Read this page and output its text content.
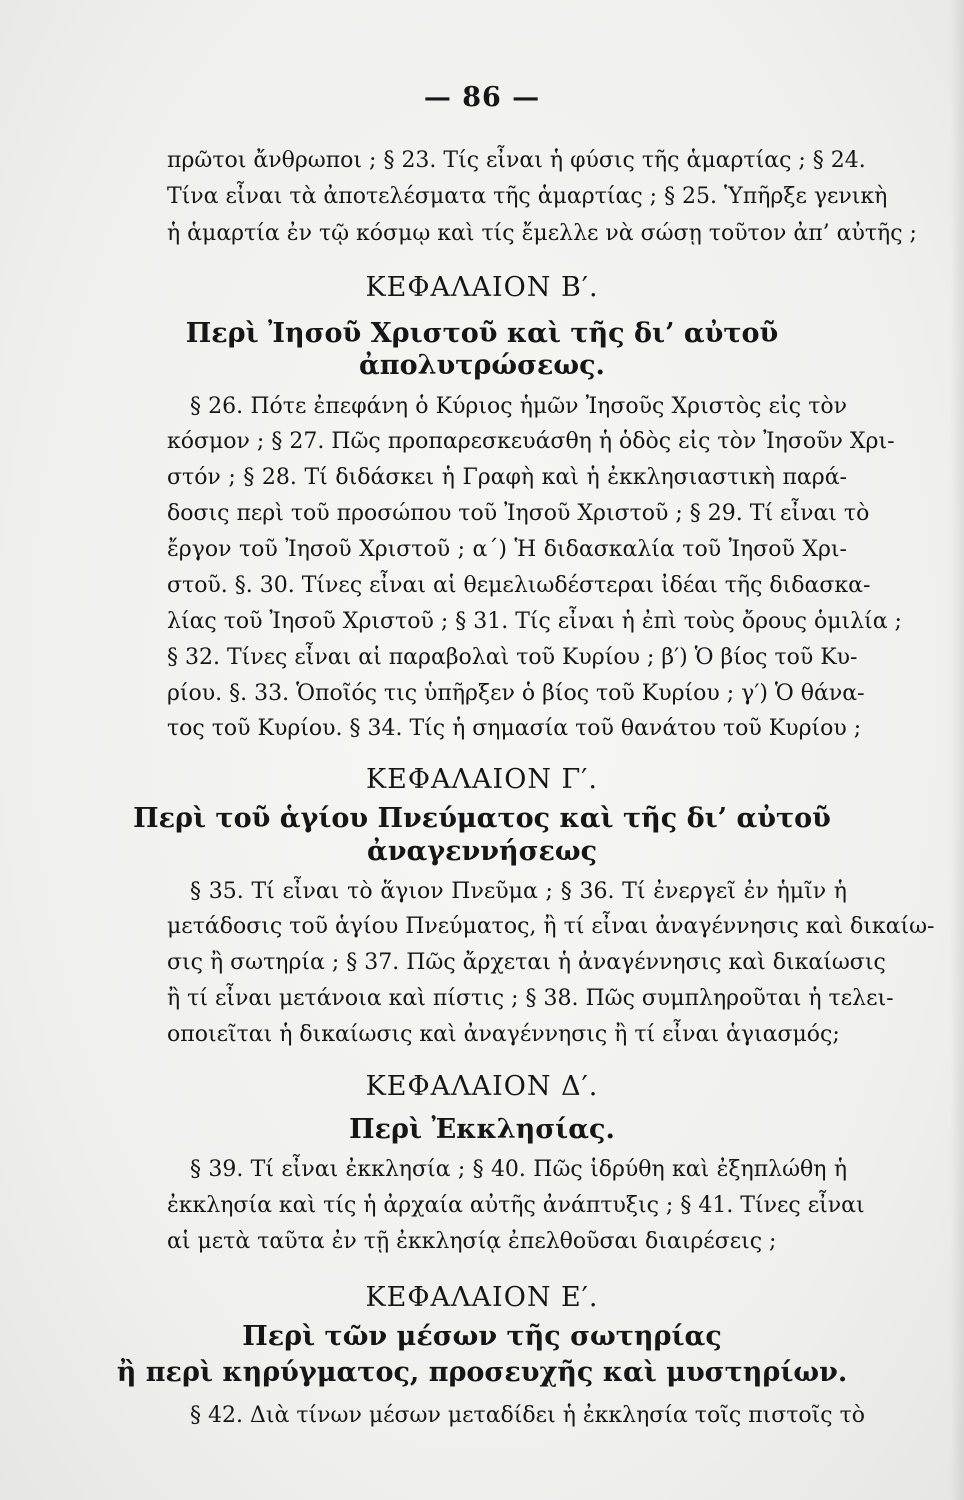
— 86 —
πρῶτοι ἄνθρωποι ; § 23. Τίς εἶναι ἡ φύσις τῆς ἁμαρτίας ; § 24.
Τίνα εἶναι τὰ ἀποτελέσματα τῆς ἁμαρτίας ; § 25. Ὑπῆρξε γενικὴ
ἡ ἁμαρτία ἐν τῷ κόσμῳ καὶ τίς ἔμελλε νὰ σώσῃ τοῦτον ἀπ’ αὐτῆς ;
ΚΕΦΑΛΑΙΟΝ Β′.
Περὶ Ἰησοῦ Χριστοῦ καὶ τῆς δι’ αὐτοῦ
ἀπολυτρώσεως.
§ 26. Πότε ἐπεφάνη ὁ Κύριος ἡμῶν Ἰησοῦς Χριστὸς εἰς τὸν
κόσμον ; § 27. Πῶς προπαρεσκευάσθη ἡ ὁδὸς εἰς τὸν Ἰησοῦν Χρι-
στόν ; § 28. Τί διδάσκει ἡ Γραφὴ καὶ ἡ ἐκκλησιαστικὴ παρά-
δοσις περὶ τοῦ προσώπου τοῦ Ἰησοῦ Χριστοῦ ; § 29. Τί εἶναι τὸ
ἔργον τοῦ Ἰησοῦ Χριστοῦ ; α΄) Ἡ διδασκαλία τοῦ Ἰησοῦ Χρι-
στοῦ. §. 30. Τίνες εἶναι αἱ θεμελιωδέστεραι ἰδέαι τῆς διδασκα-
λίας τοῦ Ἰησοῦ Χριστοῦ ; § 31. Τίς εἶναι ἡ ἐπὶ τοὺς ὄρους ὁμιλία ;
§ 32. Τίνες εἶναι αἱ παραβολαὶ τοῦ Κυρίου ; β′) Ὁ βίος τοῦ Κυ-
ρίου. §. 33. Ὁποῖός τις ὑπῆρξεν ὁ βίος τοῦ Κυρίου ; γ′) Ὁ θάνα-
τος τοῦ Κυρίου. § 34. Τίς ἡ σημασία τοῦ θανάτου τοῦ Κυρίου ;
ΚΕΦΑΛΑΙΟΝ Γ′.
Περὶ τοῦ ἁγίου Πνεύματος καὶ τῆς δι’ αὐτοῦ
ἀναγεννήσεως
§ 35. Τί εἶναι τὸ ἅγιον Πνεῦμα ; § 36. Τί ἐνεργεῖ ἐν ἡμῖν ἡ
μετάδοσις τοῦ ἁγίου Πνεύματος, ἢ τί εἶναι ἀναγέννησις καὶ δικαίω-
σις ἢ σωτηρία ; § 37. Πῶς ἄρχεται ἡ ἀναγέννησις καὶ δικαίωσις
ἢ τί εἶναι μετάνοια καὶ πίστις ; § 38. Πῶς συμπληροῦται ἡ τελει-
οποιεῖται ἡ δικαίωσις καὶ ἀναγέννησις ἢ τί εἶναι ἁγιασμός;
ΚΕΦΑΛΑΙΟΝ Δ′.
Περὶ Ἐκκλησίας.
§ 39. Τί εἶναι ἐκκλησία ; § 40. Πῶς ἱδρύθη καὶ ἐξηπλώθη ἡ
ἐκκλησία καὶ τίς ἡ ἀρχαία αὐτῆς ἀνάπτυξις ; § 41. Τίνες εἶναι
αἱ μετὰ ταῦτα ἐν τῇ ἐκκλησίᾳ ἐπελθοῦσαι διαιρέσεις ;
ΚΕΦΑΛΑΙΟΝ Ε′.
Περὶ τῶν μέσων τῆς σωτηρίας
ἢ περὶ κηρύγματος, προσευχῆς καὶ μυστηρίων.
§ 42. Διὰ τίνων μέσων μεταδίδει ἡ ἐκκλησία τοῖς πιστοῖς τὸ
